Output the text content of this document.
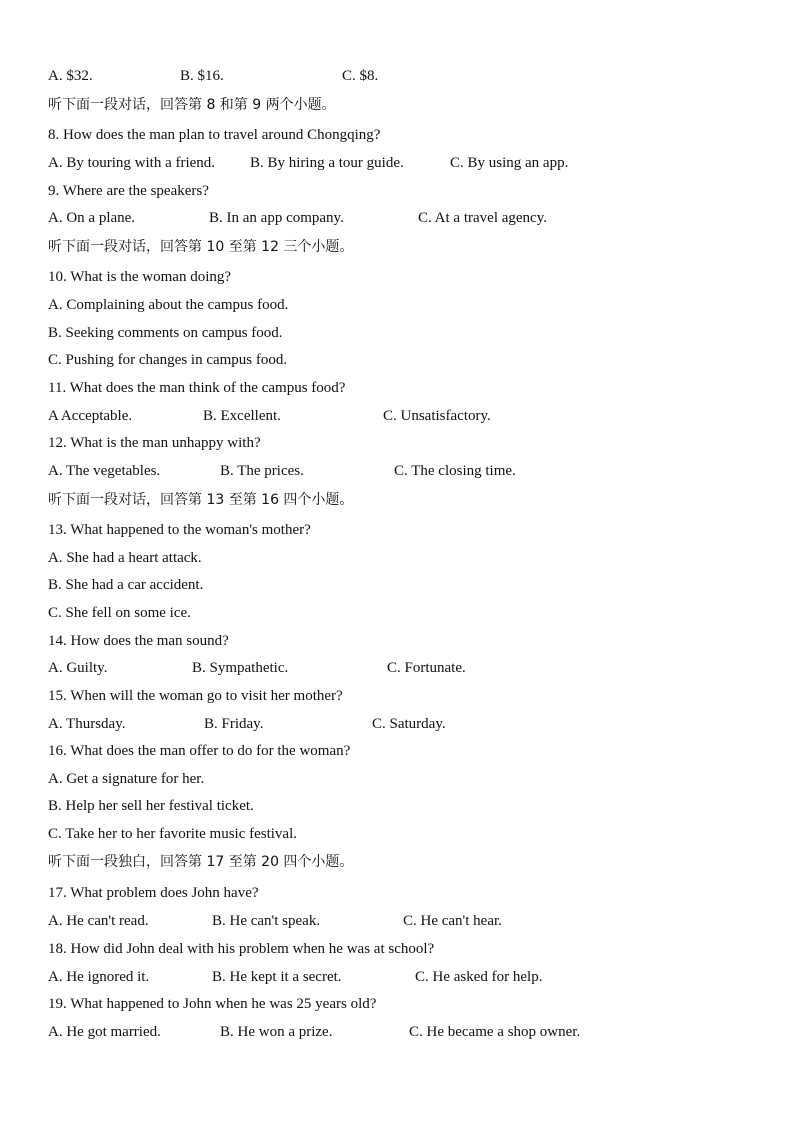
A. $32.	B. $16.	C. $8.
听下面一段对话，回答第 8 和第 9 两个小题。
8. How does the man plan to travel around Chongqing?
A. By touring with a friend. B. By hiring a tour guide.	C. By using an app.
9. Where are the speakers?
A. On a plane.	B. In an app company.	C. At a travel agency.
听下面一段对话，回答第 10 至第 12 三个小题。
10. What is the woman doing?
A. Complaining about the campus food.
B. Seeking comments on campus food.
C. Pushing for changes in campus food.
11. What does the man think of the campus food?
A Acceptable.	B. Excellent.	C. Unsatisfactory.
12. What is the man unhappy with?
A. The vegetables.	B. The prices.	C. The closing time.
听下面一段对话，回答第 13 至第 16 四个小题。
13. What happened to the woman's mother?
A. She had a heart attack.
B. She had a car accident.
C. She fell on some ice.
14. How does the man sound?
A. Guilty.	B. Sympathetic.	C. Fortunate.
15. When will the woman go to visit her mother?
A. Thursday.	B. Friday.	C. Saturday.
16. What does the man offer to do for the woman?
A. Get a signature for her.
B. Help her sell her festival ticket.
C. Take her to her favorite music festival.
听下面一段独白，回答第 17 至第 20 四个小题。
17. What problem does John have?
A. He can't read.	B. He can't speak.	C. He can't hear.
18. How did John deal with his problem when he was at school?
A. He ignored it.	B. He kept it a secret.	C. He asked for help.
19. What happened to John when he was 25 years old?
A. He got married.	B. He won a prize.	C. He became a shop owner.
